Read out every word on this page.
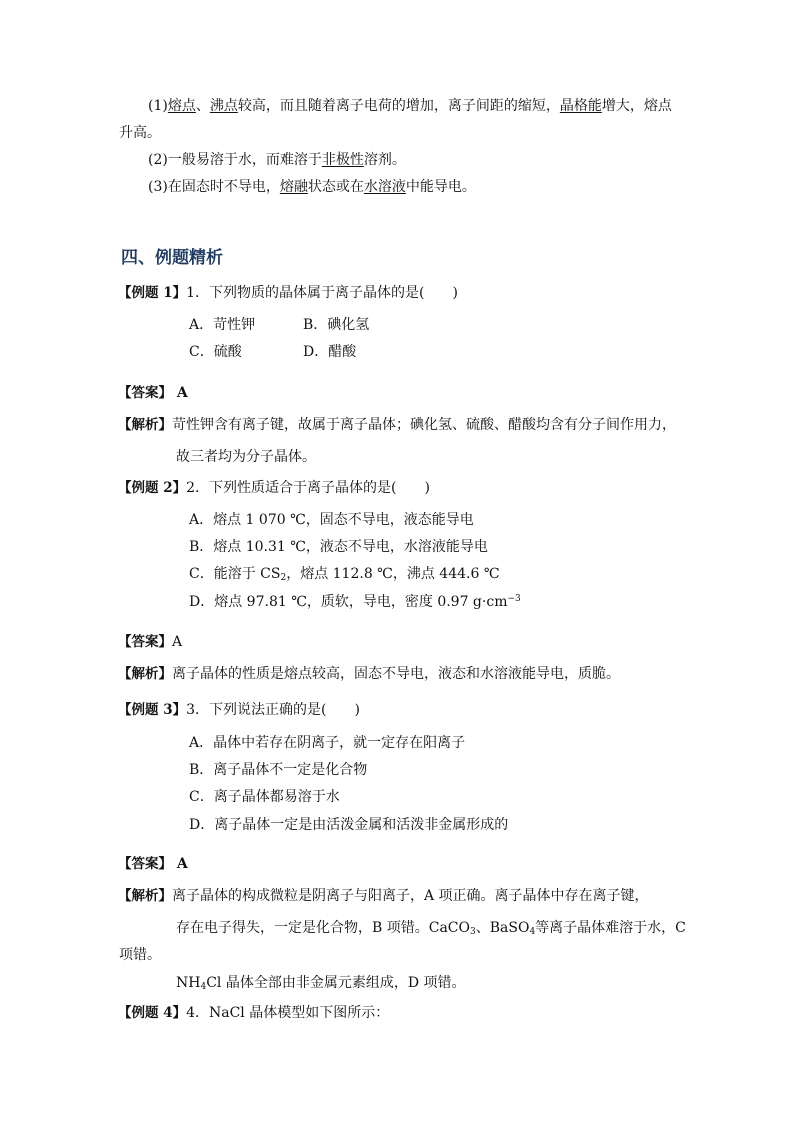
(1)熔点、沸点较高，而且随着离子电荷的增加，离子间距的缩短，晶格能增大，熔点
升高。
(2)一般易溶于水，而难溶于非极性溶剂。
(3)在固态时不导电，熔融状态或在水溶液中能导电。
四、例题精析
【例题 1】1．下列物质的晶体属于离子晶体的是(　　)
A．苛性钾	B．碘化氢
C．硫酸	D．醋酸
【答案】 A
【解析】苛性钾含有离子键，故属于离子晶体；碘化氢、硫酸、醋酸均含有分子间作用力，
故三者均为分子晶体。
【例题 2】2．下列性质适合于离子晶体的是(　　)
A．熔点 1 070 ℃，固态不导电，液态能导电
B．熔点 10.31 ℃，液态不导电，水溶液能导电
C．能溶于 $CS_2$，熔点 112.8 ℃，沸点 444.6 ℃
D．熔点 97.81 ℃，质软，导电，密度 0.97 $g\cdot cm^{-3}$
【答案】A
【解析】离子晶体的性质是熔点较高，固态不导电，液态和水溶液能导电，质脆。
【例题 3】3．下列说法正确的是(　　)
A．晶体中若存在阴离子，就一定存在阳离子
B．离子晶体不一定是化合物
C．离子晶体都易溶于水
D．离子晶体一定是由活泼金属和活泼非金属形成的
【答案】 A
【解析】离子晶体的构成微粒是阴离子与阳离子，A 项正确。离子晶体中存在离子键，
存在电子得失，一定是化合物，B 项错。CaCO$_3$、BaSO$_4$等离子晶体难溶于水，C
项错。
$NH_4Cl$ 晶体全部由非金属元素组成，D 项错。
【例题 4】4．NaCl 晶体模型如下图所示：
